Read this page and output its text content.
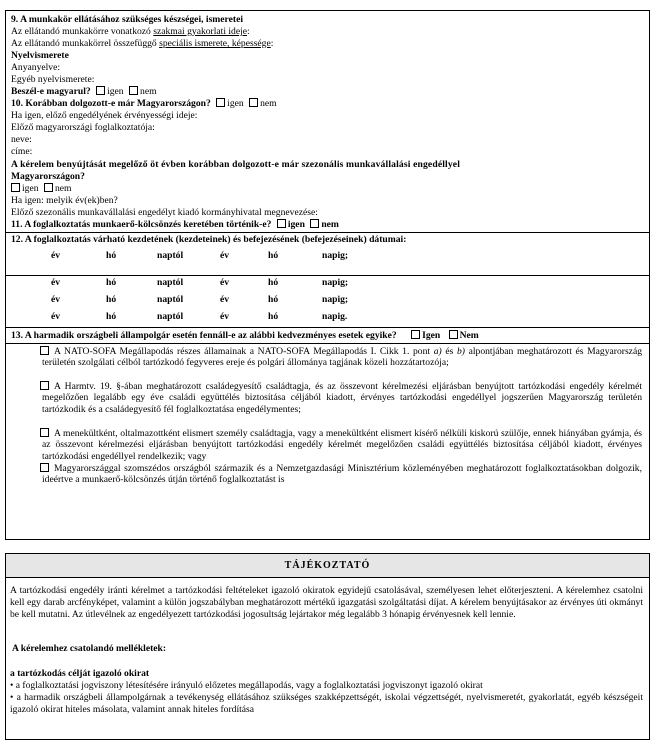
9. A munkakör ellátásához szükséges készségei, ismeretei
Az ellátandó munkakörre vonatkozó szakmai gyakorlati ideje:
Az ellátandó munkakörrel összefüggő speciális ismerete, képessége:
Nyelvismerete
Anyanyelve:
Egyéb nyelvismerete:
Beszél-e magyarul? igen nem
10. Korábban dolgozott-e már Magyarországon? igen nem
Ha igen, előző engedélyének érvényességi ideje:
Előző magyarországi foglalkoztatója:
neve:
címe:
A kérelem benyújtását megelőző öt évben korábban dolgozott-e már szezonális munkavállalási engedéllyel
Magyarországon?
igen nem
Ha igen: melyik év(ek)ben?
Előző szezonális munkavállalási engedélyt kiadó kormányhivatal megnevezése:
11. A foglalkoztatás munkaerő-kölcsönzés keretében történik-e? igen nem
12. A foglalkoztatás várható kezdetének (kezdeteinek) és befejezésének (befejezéseinek) dátumai:
év	hó	naptól	év	hó	napig;
év	hó	naptól	év	hó	napig;
év	hó	naptól	év	hó	napig;
év	hó	naptól	év	hó	napig.
13. A harmadik országbeli állampolgár esetén fennáll-e az alábbi kedvezményes esetek egyike?	Igen Nem
A NATO-SOFA Megállapodás részes államainak a NATO-SOFA Megállapodás I. Cikk 1. pont a) és b) alpontjában meghatározott és Magyarország területén szolgálati célból tartózkodó fegyveres ereje és polgári állománya tagjának közeli hozzátartozója;
A Harmtv. 19. §-ában meghatározott családegyesítő családtagja, és az összevont kérelmezési eljárásban benyújtott tartózkodási engedély kérelmét megelőzően legalább egy éve családi együttélés biztosítása céljából kiadott, érvényes tartózkodási engedéllyel jogszerűen Magyarország területén tartózkodik és a családegyesítő fél foglalkoztatása engedélymentes;
A menekültként, oltalmazottként elismert személy családtagja, vagy a menekültként elismert kísérő nélküli kiskorú szülője, ennek hiányában gyámja, és az összevont kérelmezési eljárásban benyújtott tartózkodási engedély kérelmét megelőzően családi együttélés biztosítása céljából kiadott, érvényes tartózkodási engedéllyel rendelkezik; vagy
Magyarországgal szomszédos országból származik és a Nemzetgazdasági Minisztérium közleményében meghatározott foglalkoztatásokban dolgozik, ideértve a munkaerő-kölcsönzés útján történő foglalkoztatást is
TÁJÉKOZTATÓ
A tartózkodási engedély iránti kérelmet a tartózkodási feltételeket igazoló okiratok egyidejű csatolásával, személyesen lehet előterjeszteni. A kérelemhez csatolni kell egy darab arcfényképet, valamint a külön jogszabályban meghatározott mértékű igazgatási szolgáltatási díjat. A kérelem benyújtásakor az érvényes úti okmányt be kell mutatni. Az útlevélnek az engedélyezett tartózkodási jogosultság lejártakor még legalább 3 hónapig érvényesnek kell lennie.
A kérelemhez csatolandó mellékletek:
a tartózkodás célját igazoló okirat
• a foglalkoztatási jogviszony létesítésére irányuló előzetes megállapodás, vagy a foglalkoztatási jogviszonyt igazoló okirat
• a harmadik országbeli állampolgárnak a tevékenység ellátásához szükséges szakképzettségét, iskolai végzettségét, nyelvismeretét, gyakorlatát, egyéb készségeit igazoló okirat hiteles másolata, valamint annak hiteles fordítása
